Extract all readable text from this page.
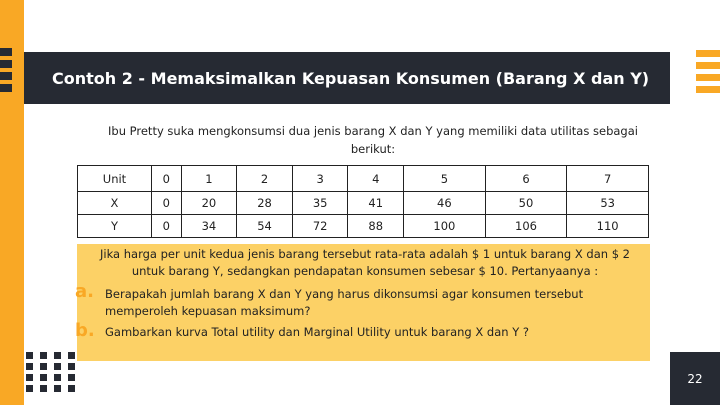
Contoh 2 - Memaksimalkan Kepuasan Konsumen (Barang X dan Y)
Ibu Pretty suka mengkonsumsi dua jenis barang X dan Y yang memiliki data utilitas sebagai berikut:
Unit	0	1	2	3	4	5	6	7
X	0	20	28	35	41	46	50	53
Y	0	34	54	72	88	100	106	110
Jika harga per unit kedua jenis barang tersebut rata-rata adalah $ 1 untuk barang X dan $ 2 untuk barang Y, sedangkan pendapatan konsumen sebesar $ 10. Pertanyaanya :
a. Berapakah jumlah barang X dan Y yang harus dikonsumsi agar konsumen tersebut memperoleh kepuasan maksimum?
b. Gambarkan kurva Total utility dan Marginal Utility untuk barang X dan Y ?
22
